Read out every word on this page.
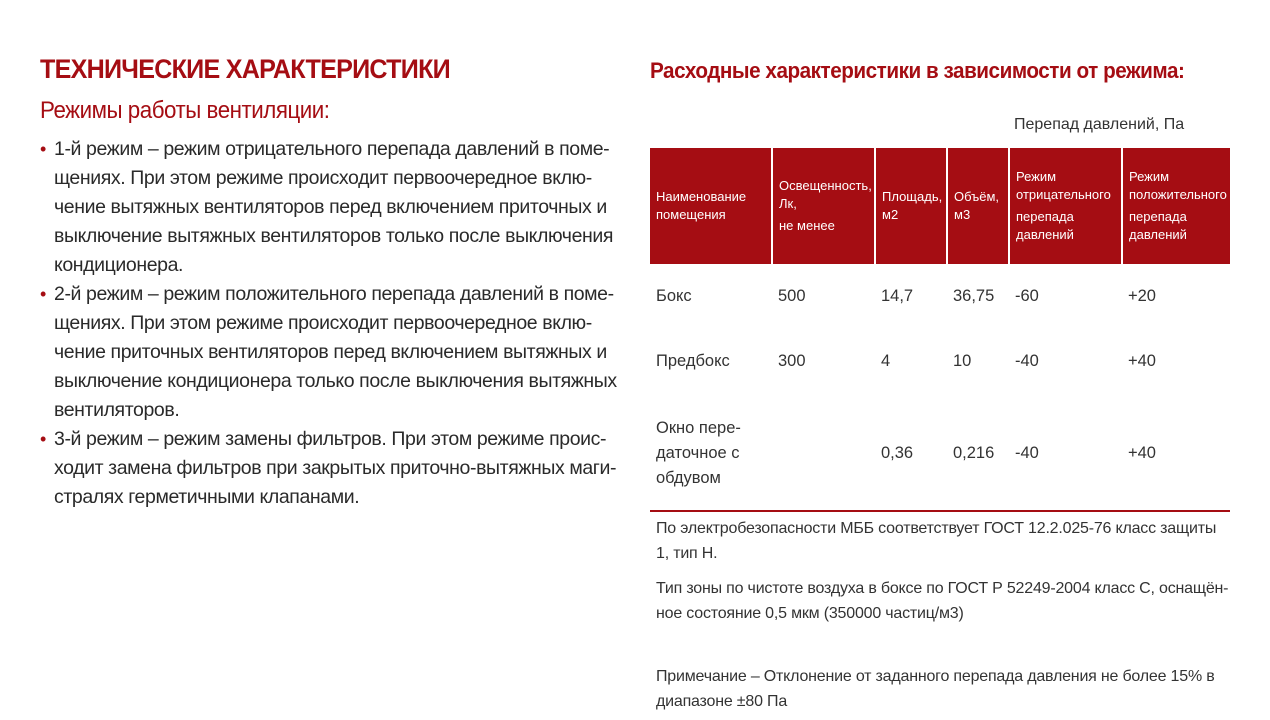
ТЕХНИЧЕСКИЕ ХАРАКТЕРИСТИКИ
Режимы работы вентиляции:
• 1-й режим – режим отрицательного перепада давлений в поме-
щениях. При этом режиме происходит первоочередное вклю-
чение вытяжных вентиляторов перед включением приточных и
выключение вытяжных вентиляторов только после выключения
кондиционера.
• 2-й режим – режим положительного перепада давлений в поме-
щениях. При этом режиме происходит первоочередное вклю-
чение приточных вентиляторов перед включением вытяжных и
выключение кондиционера только после выключения вытяжных
вентиляторов.
• 3-й режим – режим замены фильтров. При этом режиме проис-
ходит замена фильтров при закрытых приточно-вытяжных маги-
стралях герметичными клапанами.
Расходные характеристики в зависимости от режима:
Перепад давлений, Па
Наименование
помещения	Освещенность,
Лк,
не менее	Площадь,
м2	Объём,
м3	Режим
отрицательного
перепада
давлений	Режим
положительного
перепада
давлений

Бокс	500	14,7	36,75	-60	+20
Предбокс	300	4	10	-40	+40

Окно пере-
даточное с
обдувом		0,36	0,216	-40	+40

По электробезопасности МББ соответствует ГОСТ 12.2.025-76 класс защиты
1, тип Н.

Тип зоны по чистоте воздуха в боксе по ГОСТ Р 52249-2004 класс С, оснащён-
ное состояние 0,5 мкм (350000 частиц/м3)

Примечание – Отклонение от заданного перепада давления не более 15% в
диапазоне ±80 Па
